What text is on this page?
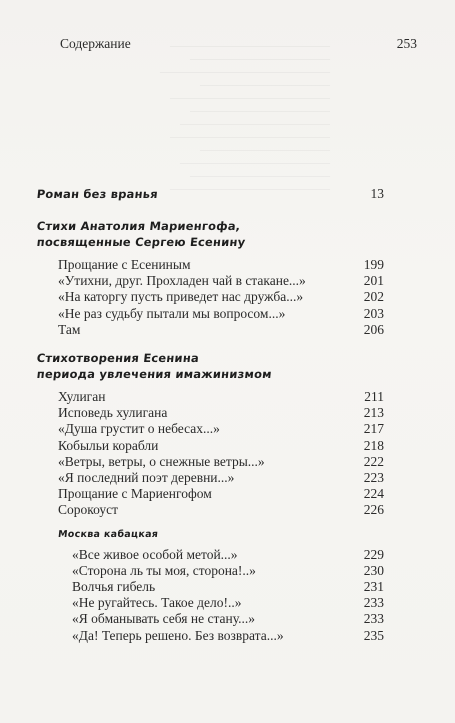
————————————————
——————————————
—————————————————
—————————————
————————————————
——————————————
———————————————
————————————————
—————————————
———————————————
——————————————
————————————————
Содержание	253
Роман без вранья	13
Стихи Анатолия Мариенгофа,
посвященные Сергею Есенину
Прощание с Есениным	199
«Утихни, друг. Прохладен чай в стакане...»	201
«На каторгу пусть приведет нас дружба...»	202
«Не раз судьбу пытали мы вопросом...»	203
Там	206
Стихотворения Есенина
периода увлечения имажинизмом
Хулиган	211
Исповедь хулигана	213
«Душа грустит о небесах...»	217
Кобыльи корабли	218
«Ветры, ветры, о снежные ветры...»	222
«Я последний поэт деревни...»	223
Прощание с Мариенгофом	224
Сорокоуст	226
Москва кабацкая
«Все живое особой метой...»	229
«Сторона ль ты моя, сторона!..»	230
Волчья гибель	231
«Не ругайтесь. Такое дело!..»	233
«Я обманывать себя не стану...»	233
«Да! Теперь решено. Без возврата...»	235
